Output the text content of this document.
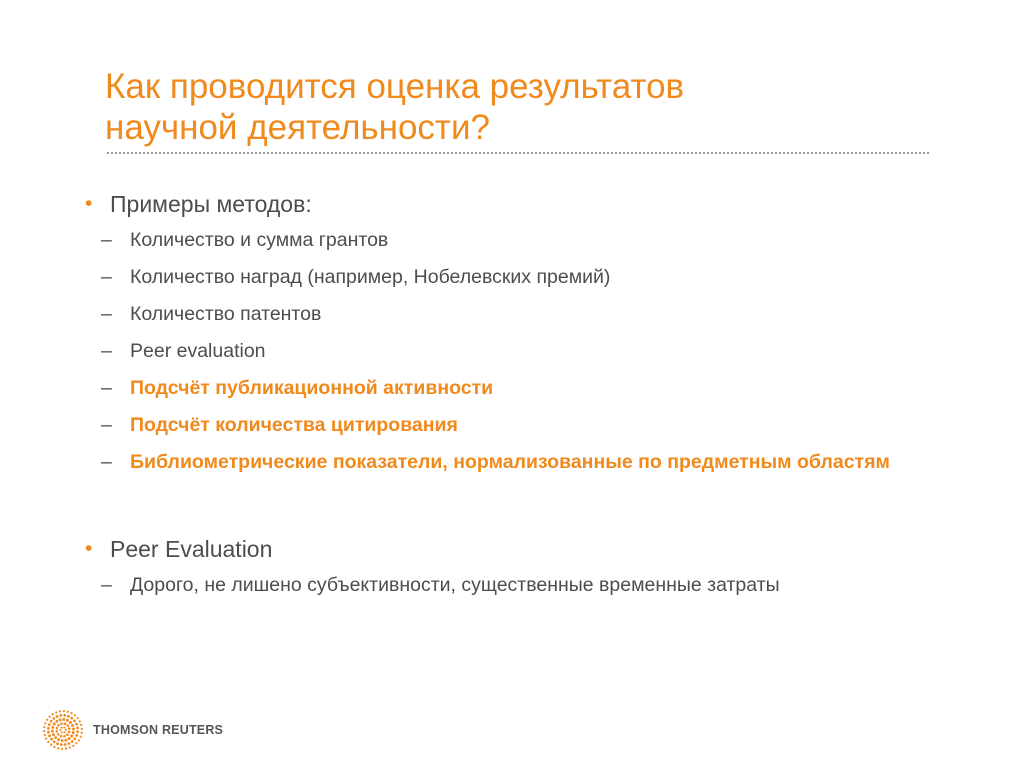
Как проводится оценка результатов
научной деятельности?
• Примеры методов:
– Количество и сумма грантов
– Количество наград (например, Нобелевских премий)
– Количество патентов
– Peer evaluation
– Подсчёт публикационной активности
– Подсчёт количества цитирования
– Библиометрические показатели, нормализованные по предметным областям
• Peer Evaluation
– Дорого, не лишено субъективности, существенные временные затраты
THOMSON REUTERS
